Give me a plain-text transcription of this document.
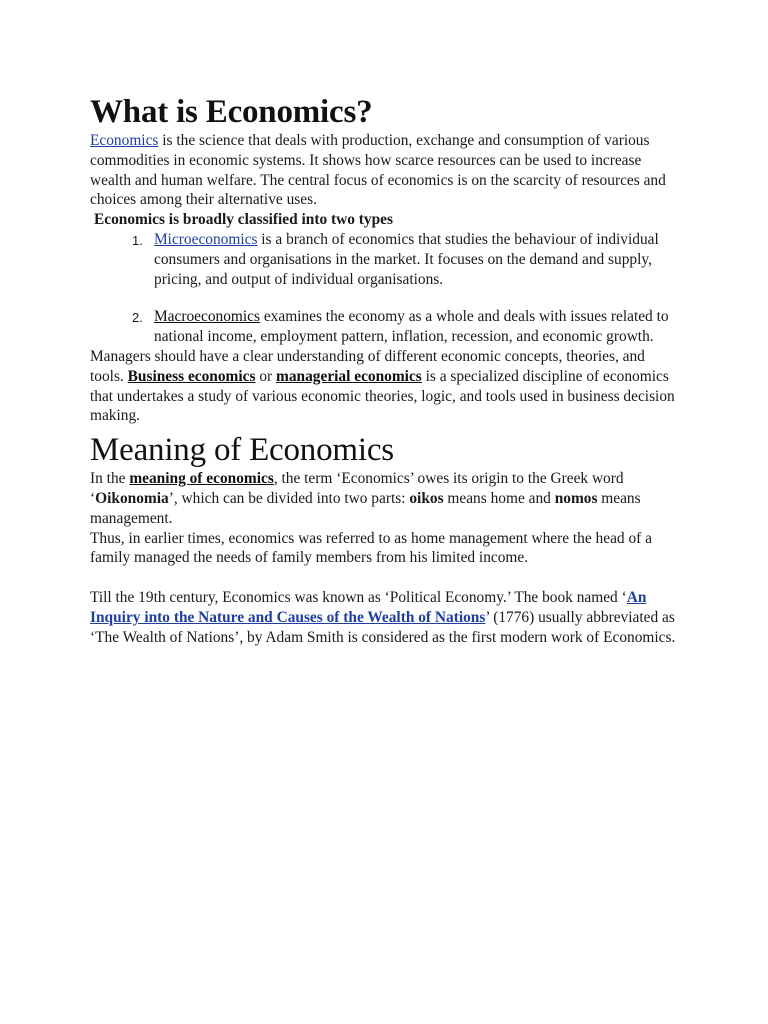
What is Economics?

Economics is the science that deals with production, exchange and consumption of various commodities in economic systems. It shows how scarce resources can be used to increase wealth and human welfare. The central focus of economics is on the scarcity of resources and choices among their alternative uses.

Economics is broadly classified into two types

1. Microeconomics is a branch of economics that studies the behaviour of individual consumers and organisations in the market. It focuses on the demand and supply, pricing, and output of individual organisations.
2. Macroeconomics examines the economy as a whole and deals with issues related to national income, employment pattern, inflation, recession, and economic growth.

Managers should have a clear understanding of different economic concepts, theories, and tools. Business economics or managerial economics is a specialized discipline of economics that undertakes a study of various economic theories, logic, and tools used in business decision making.

Meaning of Economics

In the meaning of economics, the term ‘Economics’ owes its origin to the Greek word ‘Oikonomia’, which can be divided into two parts: oikos means home and nomos means management.

Thus, in earlier times, economics was referred to as home management where the head of a family managed the needs of family members from his limited income.

Till the 19th century, Economics was known as ‘Political Economy.’ The book named ‘An Inquiry into the Nature and Causes of the Wealth of Nations’ (1776) usually abbreviated as ‘The Wealth of Nations’, by Adam Smith is considered as the first modern work of Economics.
